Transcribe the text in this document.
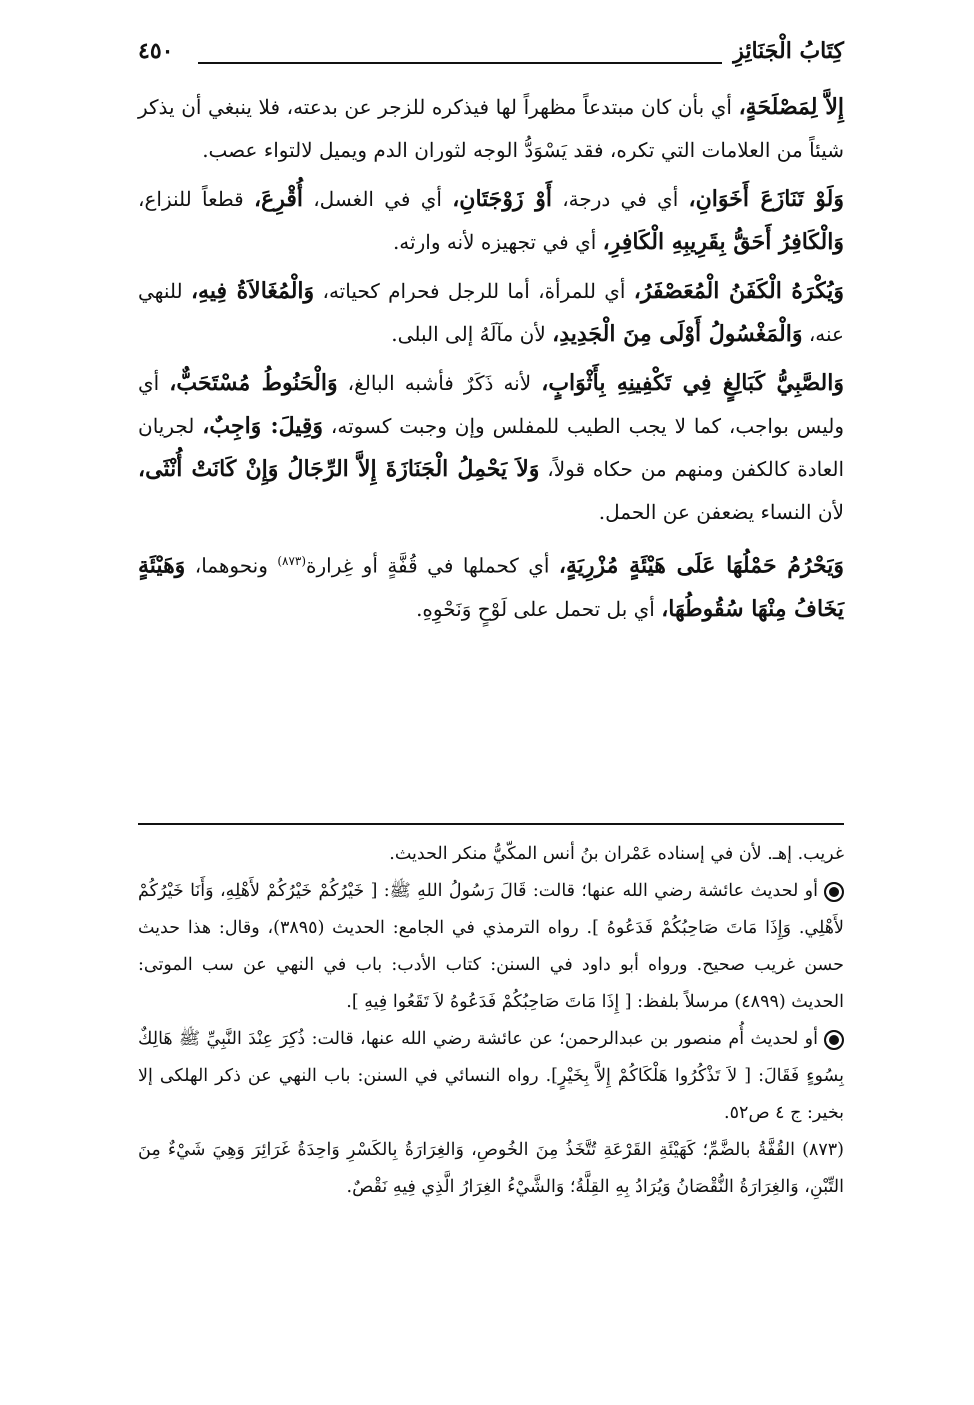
كِتَابُ الْجَنَائِزِ
٤٥٠

إِلاَّ لِمَصْلَحَةٍ، أي بأن كان مبتدعاً مظهراً لها فيذكره للزجر عن بدعته، فلا ينبغي أن يذكر شيئاً من العلامات التي تكره، فقد يَسْوَدُّ الوجه لثوران الدم ويميل لالتواء عصب.

وَلَوْ تَنَازَعَ أَخَوَانِ، أي في درجة، أَوْ زَوْجَتَانِ، أي في الغسل، أُقْرِعَ، قطعاً للنزاع، وَالْكَافِرُ أَحَقُّ بِقَرِيبِهِ الْكَافِرِ، أي في تجهيزه لأنه وارثه.

وَيُكْرَهُ الْكَفَنُ الْمُعَصْفَرُ، أي للمرأة، أما للرجل فحرام كحياته، وَالْمُغَالاَةُ فِيهِ، للنهي عنه، وَالْمَغْسُولُ أَوْلَى مِنَ الْجَدِيدِ، لأن مآلَهُ إلى البلى.

وَالصَّبِيُّ كَبَالِغٍ فِي تَكْفِينِهِ بِأَثْوَابٍ، لأنه ذَكَرٌ فأشبه البالغ، وَالْحَنُوطُ مُسْتَحَبٌّ، أي وليس بواجب، كما لا يجب الطيب للمفلس وإن وجبت كسوته، وَقِيلَ: وَاجِبٌ، لجريان العادة كالكفن ومنهم من حكاه قولاً، وَلاَ يَحْمِلُ الْجَنَازَةَ إِلاَّ الرِّجَالُ وَإِنْ كَانَتْ أُنْثَى، لأن النساء يضعفن عن الحمل.

وَيَحْرُمُ حَمْلُهَا عَلَى هَيْئَةٍ مُزْرِيَةٍ، أي كحملها في قُفَّةٍ أو غِرارة$^{(٨٧٣)}$ ونحوهما، وَهَيْئَةٍ يَخَافُ مِنْهَا سُقُوطُهَا، أي بل تحمل على لَوْحٍ وَنَحْوِهِ.

غريب. إهـ. لأن في إسناده عَمْران بنُ أنس المكّيُّ منكر الحديث.

أو لحديث عائشة رضي الله عنها؛ قالت: قَالَ رَسُولُ اللهِ ﷺ: [ خَيْرُكُمْ خَيْرُكُمْ لأَهْلِهِ، وَأَنَا خَيْرُكُمْ لأَهْلِي. وَإِذَا مَاتَ صَاحِبُكُمْ فَدَعُوهُ ]. رواه الترمذي في الجامع: الحديث (٣٨٩٥)، وقال: هذا حديث حسن غريب صحيح. ورواه أبو داود في السنن: كتاب الأدب: باب في النهي عن سب الموتى: الحديث (٤٨٩٩) مرسلاً بلفظ: [ إِذَا مَاتَ صَاحِبُكُمْ فَدَعُوهُ لاَ تَقَعُوا فِيهِ ].

أو لحديث أُم منصور بن عبدالرحمن؛ عن عائشة رضي الله عنها، قالت: ذُكِرَ عِنْدَ النَّبِيِّ ﷺ هَالِكٌ بِسُوءٍ فَقَالَ: [ لاَ تَذْكُرُوا هَلْكَاكُمْ إِلاَّ بِخَيْرٍ]. رواه النسائي في السنن: باب النهي عن ذكر الهلكى إلا بخير: ج ٤ ص٥٢.

(٨٧٣) القُفَّةُ بالضَّمِّ؛ كَهَيْئَةِ القَرْعَةِ تُتَّخَذُ مِنَ الخُوصِ، وَالغِرَارَةُ بِالكَسْرِ وَاحِدَةُ غَرَائِرَ وَهِيَ شَيْءٌ مِنَ التِّبْنِ، وَالغِرَارَةُ النُّقْصَانُ وَيُرَادُ بِهِ القِلَّةُ؛ وَالشَّيْءُ الغِرَارُ الَّذِي فِيهِ نَقْصٌ.
